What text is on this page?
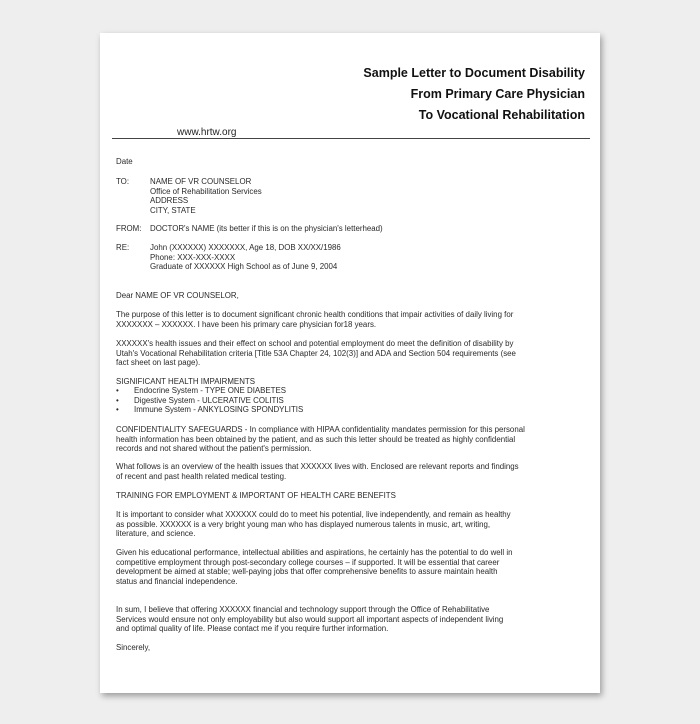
Sample Letter to Document Disability
From Primary Care Physician
To Vocational Rehabilitation
www.hrtw.org
Date
TO:	NAME OF VR COUNSELOR
Office of Rehabilitation Services
ADDRESS
CITY, STATE
FROM: DOCTOR's NAME (its better if this is on the physician's letterhead)
RE:	John (XXXXXX) XXXXXXX, Age 18, DOB XX/XX/1986
Phone: XXX-XXX-XXXX
Graduate of XXXXXX High School as of June 9, 2004
Dear NAME OF VR COUNSELOR,
The purpose of this letter is to document significant chronic health conditions that impair activities of daily living for
XXXXXXX – XXXXXX. I have been his primary care physician for18 years.
XXXXXX's health issues and their effect on school and potential employment do meet the definition of disability by
Utah's Vocational Rehabilitation criteria [Title 53A Chapter 24, 102(3)] and ADA and Section 504 requirements (see
fact sheet on last page).
SIGNIFICANT HEALTH IMPAIRMENTS
•	Endocrine System - TYPE ONE DIABETES
•	Digestive System - ULCERATIVE COLITIS
•	Immune System - ANKYLOSING SPONDYLITIS
CONFIDENTIALITY SAFEGUARDS - In compliance with HIPAA confidentiality mandates permission for this personal
health information has been obtained by the patient, and as such this letter should be treated as highly confidential
records and not shared without the patient's permission.
What follows is an overview of the health issues that XXXXXX lives with. Enclosed are relevant reports and findings
of recent and past health related medical testing.
TRAINING FOR EMPLOYMENT & IMPORTANT OF HEALTH CARE BENEFITS
It is important to consider what XXXXXX could do to meet his potential, live independently, and remain as healthy
as possible. XXXXXX is a very bright young man who has displayed numerous talents in music, art, writing,
literature, and science.
Given his educational performance, intellectual abilities and aspirations, he certainly has the potential to do well in
competitive employment through post-secondary college courses – if supported. It will be essential that career
development be aimed at stable; well-paying jobs that offer comprehensive benefits to assure maintain health
status and financial independence.
In sum, I believe that offering XXXXXX financial and technology support through the Office of Rehabilitative
Services would ensure not only employability but also would support all important aspects of independent living
and optimal quality of life. Please contact me if you require further information.
Sincerely,
